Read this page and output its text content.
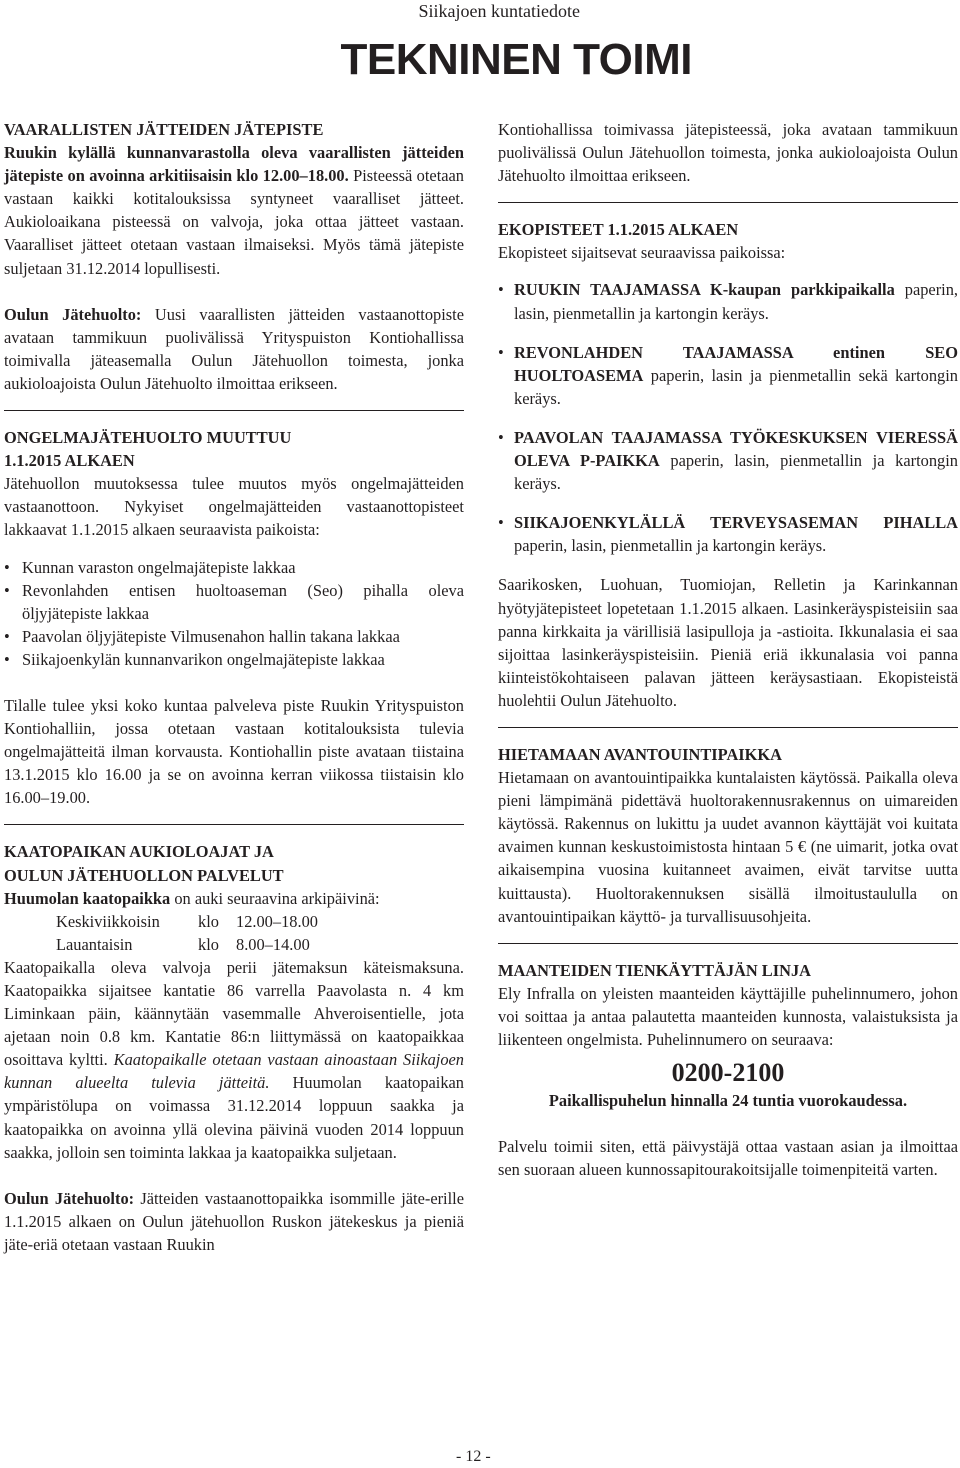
Siikajoen kuntatiedote
TEKNINEN TOIMI

VAARALLISTEN JÄTTEIDEN JÄTEPISTE

Ruukin kylällä kunnanvarastolla oleva vaarallisten jätteiden jätepiste on avoinna arkitiisaisin klo 12.00–18.00. Pisteessä otetaan vastaan kaikki kotitalouksissa syntyneet vaaralliset jätteet. Aukioloaikana pisteessä on valvoja, joka ottaa jätteet vastaan. Vaaralliset jätteet otetaan vastaan ilmaiseksi. Myös tämä jätepiste suljetaan 31.12.2014 lopullisesti.

Oulun Jätehuolto: Uusi vaarallisten jätteiden vastaanottopiste avataan tammikuun puolivälissä Yrityspuiston Kontiohallissa toimivalla jäteasemalla Oulun Jätehuollon toimesta, jonka aukioloajoista Oulun Jätehuolto ilmoittaa erikseen.

ONGELMAJÄTEHUOLTO MUUTTUU

1.1.2015 ALKAEN

Jätehuollon muutoksessa tulee muutos myös ongelmajätteiden vastaanottoon. Nykyiset ongelmajätteiden vastaanottopisteet lakkaavat 1.1.2015 alkaen seuraavista paikoista:

• Kunnan varaston ongelmajätepiste lakkaa
• Revonlahden entisen huoltoaseman (Seo) pihalla oleva öljyjätepiste lakkaa
• Paavolan öljyjätepiste Vilmusenahon hallin takana lakkaa
• Siikajoenkylän kunnanvarikon ongelmajätepiste lakkaa

Tilalle tulee yksi koko kuntaa palveleva piste Ruukin Yrityspuiston Kontiohalliin, jossa otetaan vastaan kotitalouksista tulevia ongelmajätteitä ilman korvausta. Kontiohallin piste avataan tiistaina 13.1.2015 klo 16.00 ja se on avoinna kerran viikossa tiistaisin klo 16.00–19.00.

KAATOPAIKAN AUKIOLOAJAT JA

OULUN JÄTEHUOLLON PALVELUT

Huumolan kaatopaikka on auki seuraavina arkipäivinä:

Keskiviikkoisin klo 12.00–18.00
Lauantaisin	klo 8.00–14.00

Kaatopaikalla oleva valvoja perii jätemaksun käteismaksuna. Kaatopaikka sijaitsee kantatie 86 varrella Paavolasta n. 4 km Liminkaan päin, käännytään vasemmalle Ahveroisentielle, jota ajetaan noin 0.8 km. Kantatie 86:n liittymässä on kaatopaikkaa osoittava kyltti. Kaatopaikalle otetaan vastaan ainoastaan Siikajoen kunnan alueelta tulevia jätteitä. Huumolan kaatopaikan ympäristölupa on voimassa 31.12.2014 loppuun saakka ja kaatopaikka on avoinna yllä olevina päivinä vuoden 2014 loppuun saakka, jolloin sen toiminta lakkaa ja kaatopaikka suljetaan.

Oulun Jätehuolto: Jätteiden vastaanottopaikka isommille jäte-erille 1.1.2015 alkaen on Oulun jätehuollon Ruskon jätekeskus ja pieniä jäte-eriä otetaan vastaan Ruukin

Kontiohallissa toimivassa jätepisteessä, joka avataan tammikuun puolivälissä Oulun Jätehuollon toimesta, jonka aukioloajoista Oulun Jätehuolto ilmoittaa erikseen.

EKOPISTEET 1.1.2015 ALKAEN

Ekopisteet sijaitsevat seuraavissa paikoissa:

• RUUKIN TAAJAMASSA K-kaupan parkkipaikalla paperin, lasin, pienmetallin ja kartongin keräys.
• REVONLAHDEN TAAJAMASSA entinen SEO HUOLTOASEMA paperin, lasin ja pienmetallin sekä kartongin keräys.
• PAAVOLAN TAAJAMASSA TYÖKESKUKSEN VIERESSÄ OLEVA P-PAIKKA paperin, lasin, pienmetallin ja kartongin keräys.
• SIIKAJOENKYLÄLLÄ TERVEYSASEMAN PIHALLA paperin, lasin, pienmetallin ja kartongin keräys.

Saarikosken, Luohuan, Tuomiojan, Relletin ja Karinkannan hyötyjätepisteet lopetetaan 1.1.2015 alkaen. Lasinkeräyspisteisiin saa panna kirkkaita ja värillisiä lasipulloja ja -astioita. Ikkunalasia ei saa sijoittaa lasinkeräyspisteisiin. Pieniä eriä ikkunalasia voi panna kiinteistökohtaiseen palavan jätteen keräysastiaan. Ekopisteistä huolehtii Oulun Jätehuolto.

HIETAMAAN AVANTOUINTIPAIKKA

Hietamaan on avantouintipaikka kuntalaisten käytössä. Paikalla oleva pieni lämpimänä pidettävä huoltorakennusrakennus on uimareiden käytössä. Rakennus on lukittu ja uudet avannon käyttäjät voi kuitata avaimen kunnan keskustoimistosta hintaan 5 € (ne uimarit, jotka ovat aikaisempina vuosina kuitanneet avaimen, eivät tarvitse uutta kuittausta). Huoltorakennuksen sisällä ilmoitustaululla on avantouintipaikan käyttö- ja turvallisuusohjeita.

MAANTEIDEN TIENKÄYTTÄJÄN LINJA

Ely Infralla on yleisten maanteiden käyttäjille puhelinnumero, johon voi soittaa ja antaa palautetta maanteiden kunnosta, valaistuksista ja liikenteen ongelmista. Puhelinnumero on seuraava:

0200-2100

Paikallispuhelun hinnalla 24 tuntia vuorokaudessa.

Palvelu toimii siten, että päivystäjä ottaa vastaan asian ja ilmoittaa sen suoraan alueen kunnossapitourakoitsijalle toimenpiteitä varten.

- 12 -
